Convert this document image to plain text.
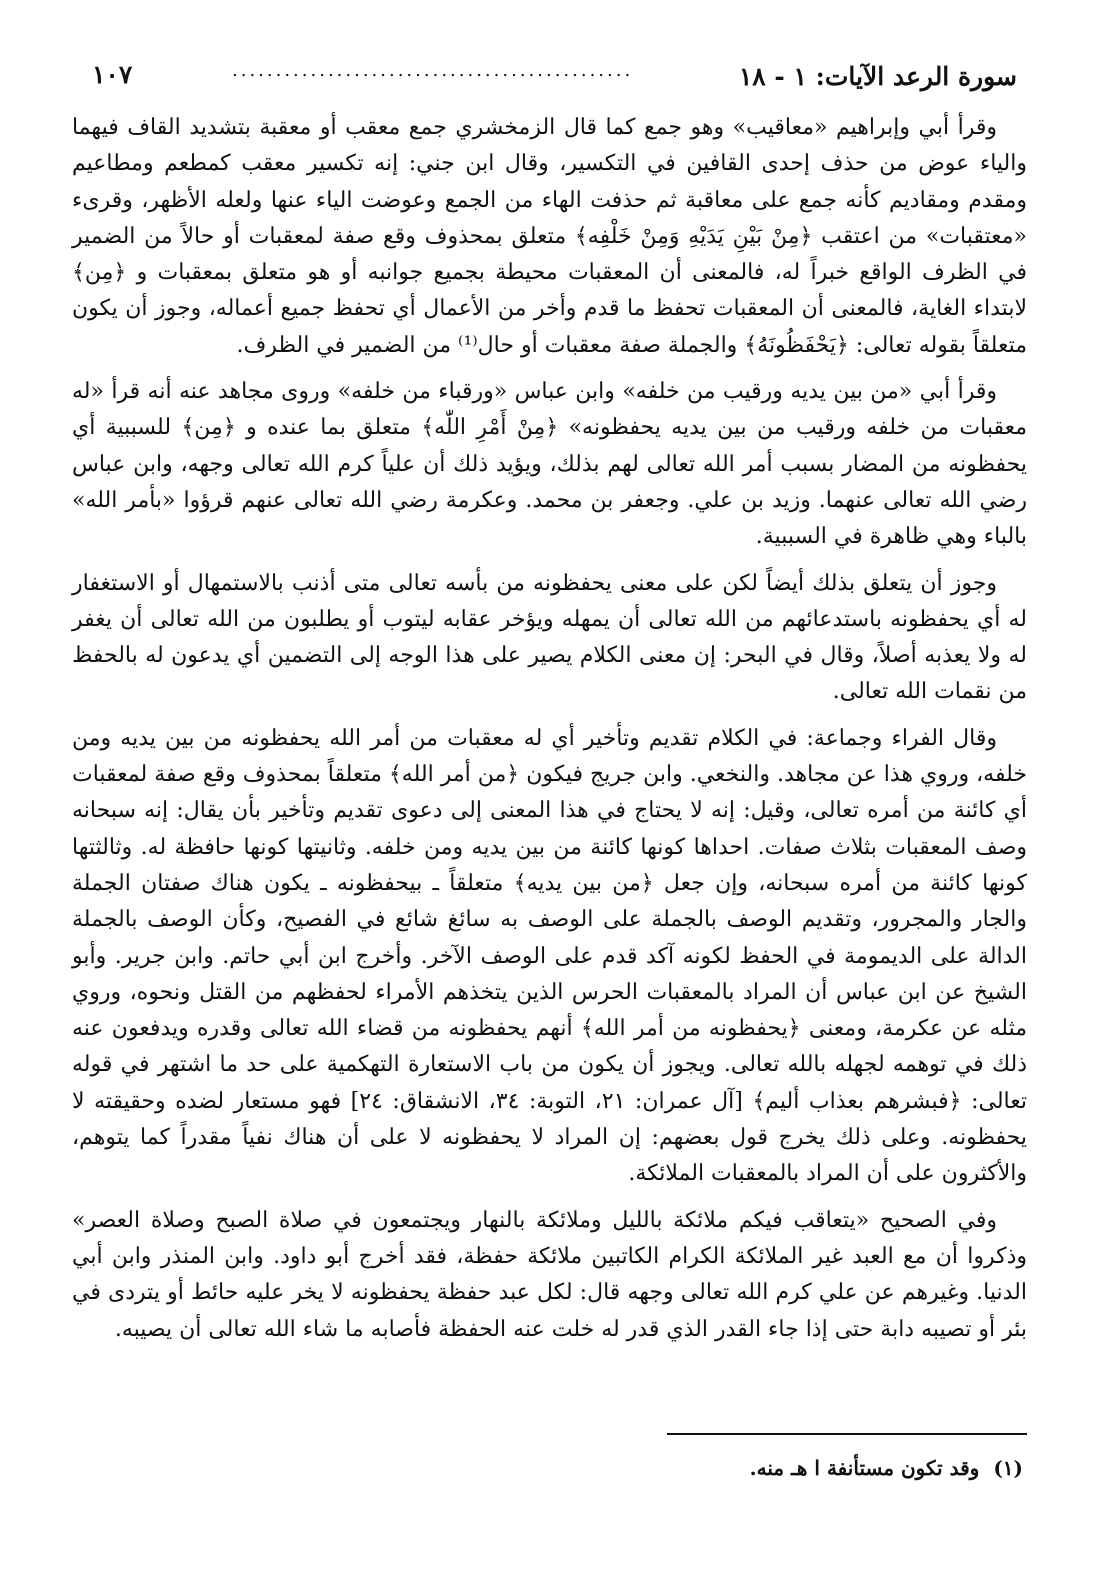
سورة الرعد الآيات: ١ - ١٨
..............................................
١٠٧

وقرأ أبي وإبراهيم «معاقيب» وهو جمع كما قال الزمخشري جمع معقب أو معقبة بتشديد القاف فيهما والياء عوض من حذف إحدى القافين في التكسير، وقال ابن جني: إنه تكسير معقب كمطعم ومطاعيم ومقدم ومقاديم كأنه جمع على معاقبة ثم حذفت الهاء من الجمع وعوضت الياء عنها ولعله الأظهر، وقرىء «معتقبات» من اعتقب ﴿مِنْ بَيْنِ يَدَيْهِ وَمِنْ خَلْفِه﴾ متعلق بمحذوف وقع صفة لمعقبات أو حالاً من الضمير في الظرف الواقع خبراً له، فالمعنى أن المعقبات محيطة بجميع جوانبه أو هو متعلق بمعقبات و ﴿مِن﴾ لابتداء الغاية، فالمعنى أن المعقبات تحفظ ما قدم وأخر من الأعمال أي تحفظ جميع أعماله، وجوز أن يكون متعلقاً بقوله تعالى: ﴿يَحْفَظُونَهُ﴾ والجملة صفة معقبات أو حال⁽¹⁾ من الضمير في الظرف.

وقرأ أبي «من بين يديه ورقيب من خلفه» وابن عباس «ورقباء من خلفه» وروى مجاهد عنه أنه قرأ «له معقبات من خلفه ورقيب من بين يديه يحفظونه» ﴿مِنْ أَمْرِ اللّٰه﴾ متعلق بما عنده و ﴿مِن﴾ للسببية أي يحفظونه من المضار بسبب أمر الله تعالى لهم بذلك، ويؤيد ذلك أن علياً كرم الله تعالى وجهه، وابن عباس رضي الله تعالى عنهما. وزيد بن علي. وجعفر بن محمد. وعكرمة رضي الله تعالى عنهم قرؤوا «بأمر الله» بالباء وهي ظاهرة في السببية.

وجوز أن يتعلق بذلك أيضاً لكن على معنى يحفظونه من بأسه تعالى متى أذنب بالاستمهال أو الاستغفار له أي يحفظونه باستدعائهم من الله تعالى أن يمهله ويؤخر عقابه ليتوب أو يطلبون من الله تعالى أن يغفر له ولا يعذبه أصلاً، وقال في البحر: إن معنى الكلام يصير على هذا الوجه إلى التضمين أي يدعون له بالحفظ من نقمات الله تعالى.

وقال الفراء وجماعة: في الكلام تقديم وتأخير أي له معقبات من أمر الله يحفظونه من بين يديه ومن خلفه، وروي هذا عن مجاهد. والنخعي. وابن جريج فيكون ﴿من أمر الله﴾ متعلقاً بمحذوف وقع صفة لمعقبات أي كائنة من أمره تعالى، وقيل: إنه لا يحتاج في هذا المعنى إلى دعوى تقديم وتأخير بأن يقال: إنه سبحانه وصف المعقبات بثلاث صفات. احداها كونها كائنة من بين يديه ومن خلفه. وثانيتها كونها حافظة له. وثالثتها كونها كائنة من أمره سبحانه، وإن جعل ﴿من بين يديه﴾ متعلقاً ـ بيحفظونه ـ يكون هناك صفتان الجملة والجار والمجرور، وتقديم الوصف بالجملة على الوصف به سائغ شائع في الفصيح، وكأن الوصف بالجملة الدالة على الديمومة في الحفظ لكونه آكد قدم على الوصف الآخر. وأخرج ابن أبي حاتم. وابن جرير. وأبو الشيخ عن ابن عباس أن المراد بالمعقبات الحرس الذين يتخذهم الأمراء لحفظهم من القتل ونحوه، وروي مثله عن عكرمة، ومعنى ﴿يحفظونه من أمر الله﴾ أنهم يحفظونه من قضاء الله تعالى وقدره ويدفعون عنه ذلك في توهمه لجهله بالله تعالى. ويجوز أن يكون من باب الاستعارة التهكمية على حد ما اشتهر في قوله تعالى: ﴿فبشرهم بعذاب أليم﴾ [آل عمران: ٢١، التوبة: ٣٤، الانشقاق: ٢٤] فهو مستعار لضده وحقيقته لا يحفظونه. وعلى ذلك يخرج قول بعضهم: إن المراد لا يحفظونه لا على أن هناك نفياً مقدراً كما يتوهم، والأكثرون على أن المراد بالمعقبات الملائكة.

وفي الصحيح «يتعاقب فيكم ملائكة بالليل وملائكة بالنهار ويجتمعون في صلاة الصبح وصلاة العصر» وذكروا أن مع العبد غير الملائكة الكرام الكاتبين ملائكة حفظة، فقد أخرج أبو داود. وابن المنذر وابن أبي الدنيا. وغيرهم عن علي كرم الله تعالى وجهه قال: لكل عبد حفظة يحفظونه لا يخر عليه حائط أو يتردى في بئر أو تصيبه دابة حتى إذا جاء القدر الذي قدر له خلت عنه الحفظة فأصابه ما شاء الله تعالى أن يصيبه.

(١)وقد تكون مستأنفة ا هـ منه.
